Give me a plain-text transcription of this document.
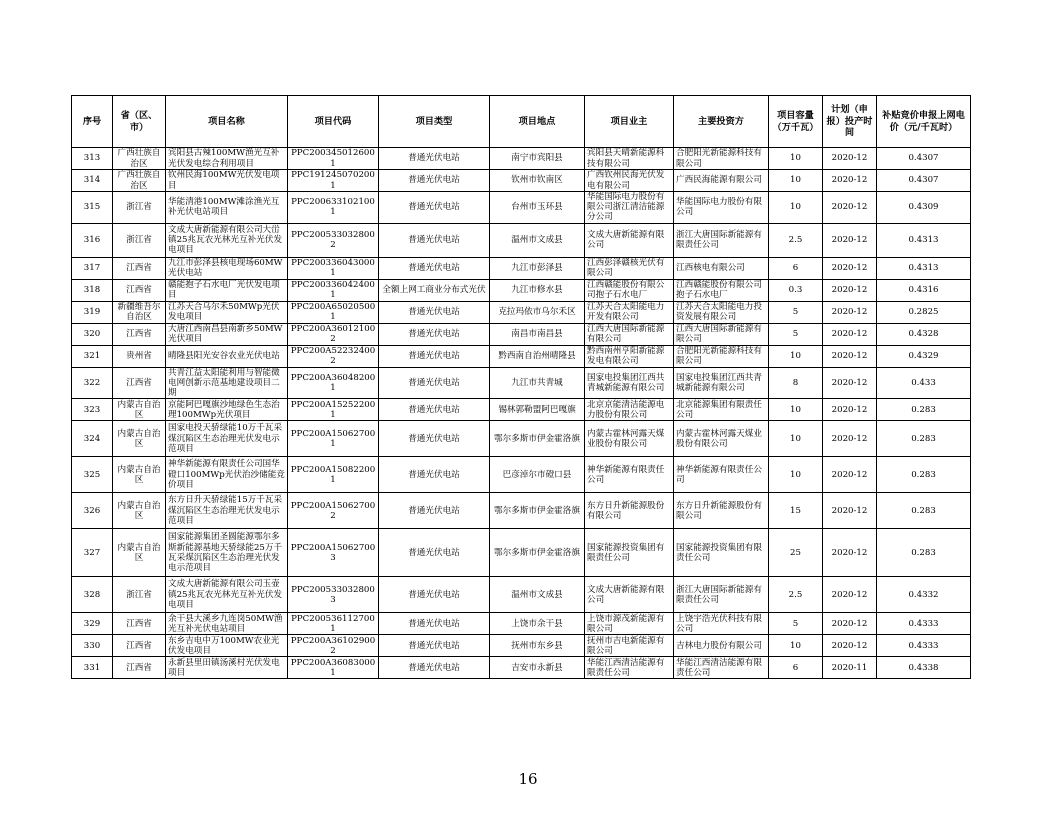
序号	省（区、市）	项目名称	项目代码	项目类型	项目地点	项目业主	主要投资方	项目容量（万千瓦）	计划（申报）投产时间	补贴竞价申报上网电价（元/千瓦时）
313	广西壮族自治区	宾阳县古辣100MW渔光互补光伏发电综合利用项目	PPC200345012600​1	普通光伏电站	南宁市宾阳县	宾阳县天晴新能源科技有限公司	合肥阳光新能源科技有限公司	10	2020-12	0.4307
314	广西壮族自治区	钦州民海100MW光伏发电项目	PPC191245070200​1	普通光伏电站	钦州市钦南区	广西钦州民海光伏发电有限公司	广西民海能源有限公司	10	2020-12	0.4307
315	浙江省	华能清港100MW滩涂渔光互补光伏电站项目	PPC200633102100​1	普通光伏电站	台州市玉环县	华能国际电力股份有限公司浙江清洁能源分公司	华能国际电力股份有限公司	10	2020-12	0.4309
316	浙江省	文成大唐新能源有限公司大峃镇25兆瓦农光林光互补光伏发电项目	PPC200533032800​2	普通光伏电站	温州市文成县	文成大唐新能源有限公司	浙江大唐国际新能源有限责任公司	2.5	2020-12	0.4313
317	江西省	九江市彭泽县核电现场60MW光伏电站	PPC200336043000​1	普通光伏电站	九江市彭泽县	江西彭泽赣核光伏有限公司	江西核电有限公司	6	2020-12	0.4313
318	江西省	赣能抱子石水电厂光伏发电项目	PPC200336042400​1	全额上网工商业分布式光伏	九江市修水县	江西赣能股份有限公司抱子石水电厂	江西赣能股份有限公司抱子石水电厂	0.3	2020-12	0.4316
319	新疆维吾尔自治区	江苏天合乌尔禾50MWp光伏发电项目	PPC200A65020500​1	普通光伏电站	克拉玛依市乌尔禾区	江苏天合太阳能电力开发有限公司	江苏天合太阳能电力投资发展有限公司	5	2020-12	0.2825
320	江西省	大唐江西南昌县南新乡50MW光伏项目	PPC200A36012100​2	普通光伏电站	南昌市南昌县	江西大唐国际新能源有限公司	江西大唐国际新能源有限公司	5	2020-12	0.4328
321	贵州省	晴隆县阳光安谷农业光伏电站	PPC200A52232400​2	普通光伏电站	黔西南自治州晴隆县	黔西南州亨阳新能源发电有限公司	合肥阳光新能源科技有限公司	10	2020-12	0.4329
322	江西省	共青江益太阳能利用与智能微电网创新示范基地建设项目二期	PPC200A36048200​1	普通光伏电站	九江市共青城	国家电投集团江西共青城新能源有限公司	国家电投集团江西共青城新能源有限公司	8	2020-12	0.433
323	内蒙古自治区	京能阿巴嘎旗沙地绿色生态治理100MWp光伏项目	PPC200A15252200​1	普通光伏电站	锡林郭勒盟阿巴嘎旗	北京京能清洁能源电力股份有限公司	北京能源集团有限责任公司	10	2020-12	0.283
324	内蒙古自治区	国家电投天骄绿能10万千瓦采煤沉陷区生态治理光伏发电示范项目	PPC200A15062700​1	普通光伏电站	鄂尔多斯市伊金霍洛旗	内蒙古霍林河露天煤业股份有限公司	内蒙古霍林河露天煤业股份有限公司	10	2020-12	0.283
325	内蒙古自治区	神华新能源有限责任公司国华磴口100MWp光伏治沙储能竞价项目	PPC200A15082200​1	普通光伏电站	巴彦淖尔市磴口县	神华新能源有限责任公司	神华新能源有限责任公司	10	2020-12	0.283
326	内蒙古自治区	东方日升天骄绿能15万千瓦采煤沉陷区生态治理光伏发电示范项目	PPC200A15062700​2	普通光伏电站	鄂尔多斯市伊金霍洛旗	东方日升新能源股份有限公司	东方日升新能源股份有限公司	15	2020-12	0.283
327	内蒙古自治区	国家能源集团圣圆能源鄂尔多斯新能源基地天骄绿能25万千瓦采煤沉陷区生态治理光伏发电示范项目	PPC200A15062700​3	普通光伏电站	鄂尔多斯市伊金霍洛旗	国家能源投资集团有限责任公司	国家能源投资集团有限责任公司	25	2020-12	0.283
328	浙江省	文成大唐新能源有限公司玉壶镇25兆瓦农光林光互补光伏发电项目	PPC200533032800​3	普通光伏电站	温州市文成县	文成大唐新能源有限公司	浙江大唐国际新能源有限责任公司	2.5	2020-12	0.4332
329	江西省	余干县大溪乡九连岗50MW渔光互补光伏电站项目	PPC200536112700​1	普通光伏电站	上饶市余干县	上饶市源茂新能源有限公司	上饶宇浩光伏科技有限公司	5	2020-12	0.4333
330	江西省	东乡吉电中万100MW农业光伏发电项目	PPC200A36102900​2	普通光伏电站	抚州市东乡县	抚州市吉电新能源有限公司	吉林电力股份有限公司	10	2020-12	0.4333
331	江西省	永新县里田镇汤溪村光伏发电项目	PPC200A36083000​1	普通光伏电站	吉安市永新县	华能江西清洁能源有限责任公司	华能江西清洁能源有限责任公司	6	2020-11	0.4338
16
